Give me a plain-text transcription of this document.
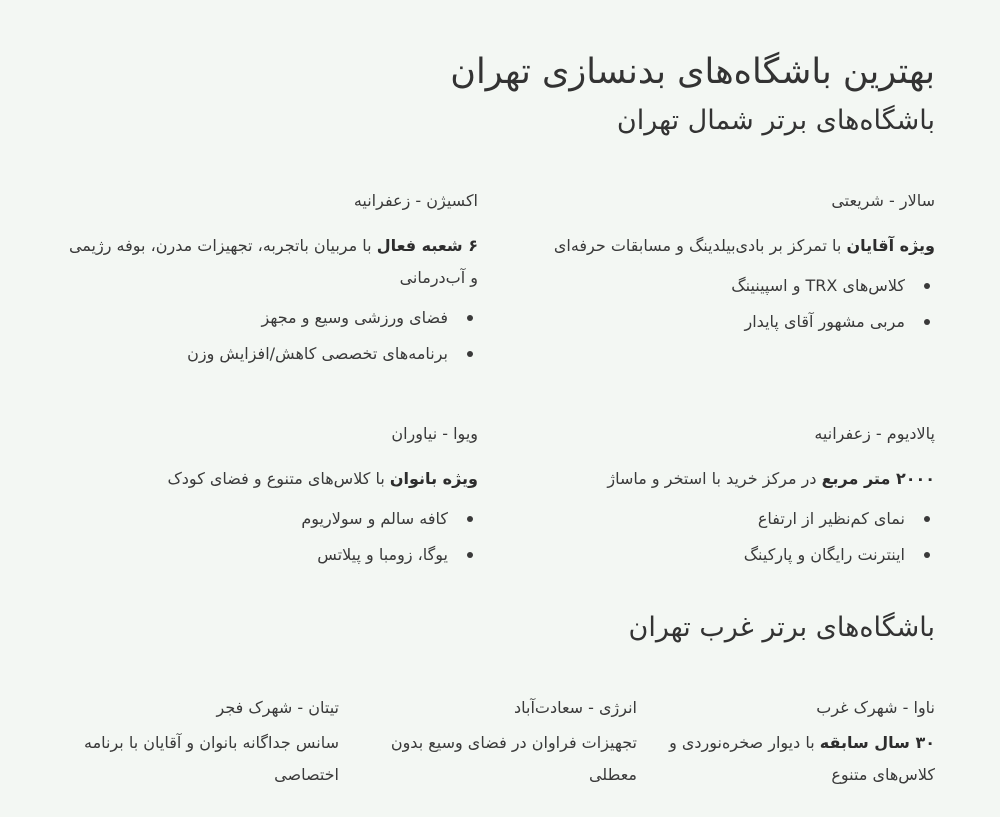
بهترین باشگاه‌های بدنسازی تهران
باشگاه‌های برتر شمال تهران
سالار - شریعتی
ویژه آقایان با تمرکز بر بادی‌بیلدینگ و مسابقات حرفه‌ای
کلاس‌های TRX و اسپینینگ
مربی مشهور آقای پایدار
اکسیژن - زعفرانیه
۶ شعبه فعال با مربیان باتجربه، تجهیزات مدرن، بوفه رژیمی و آب‌درمانی
فضای ورزشی وسیع و مجهز
برنامه‌های تخصصی کاهش/افزایش وزن
پالادیوم - زعفرانیه
۲۰۰۰ متر مربع در مرکز خرید با استخر و ماساژ
نمای کم‌نظیر از ارتفاع
اینترنت رایگان و پارکینگ
ویوا - نیاوران
ویژه بانوان با کلاس‌های متنوع و فضای کودک
کافه سالم و سولاریوم
یوگا، زومبا و پیلاتس
باشگاه‌های برتر غرب تهران
ناوا - شهرک غرب
۳۰ سال سابقه با دیوار صخره‌نوردی و کلاس‌های متنوع
انرژی - سعادت‌آباد
تجهیزات فراوان در فضای وسیع بدون معطلی
تیتان - شهرک فجر
سانس جداگانه بانوان و آقایان با برنامه اختصاصی
